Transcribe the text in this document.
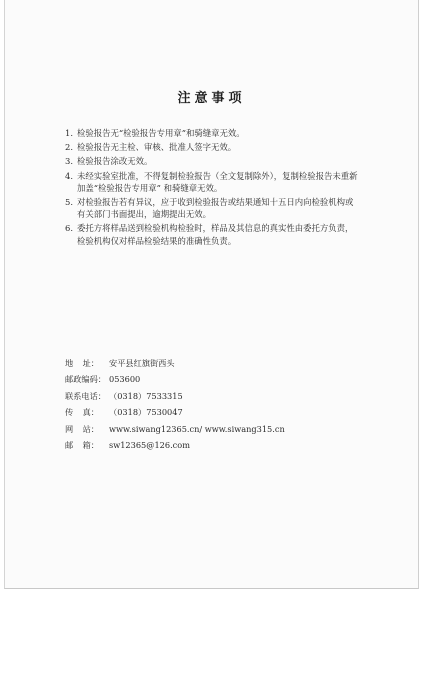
注意事项
1. 检验报告无“检验报告专用章”和骑缝章无效。
2. 检验报告无主检、审核、批准人签字无效。
3. 检验报告涂改无效。
4. 未经实验室批准，不得复制检验报告（全文复制除外），复制检验报告未重新
加盖“检验报告专用章” 和骑缝章无效。
5. 对检验报告若有异议，应于收到检验报告或结果通知十五日内向检验机构或
有关部门书面提出，逾期提出无效。
6. 委托方将样品送到检验机构检验时，样品及其信息的真实性由委托方负责，
检验机构仅对样品检验结果的准确性负责。
地 址： 安平县红旗街西头
邮政编码： 053600
联系电话： （0318）7533315
传 真： （0318）7530047
网 站： www.siwang12365.cn/ www.siwang315.cn
邮 箱： sw12365@126.com
